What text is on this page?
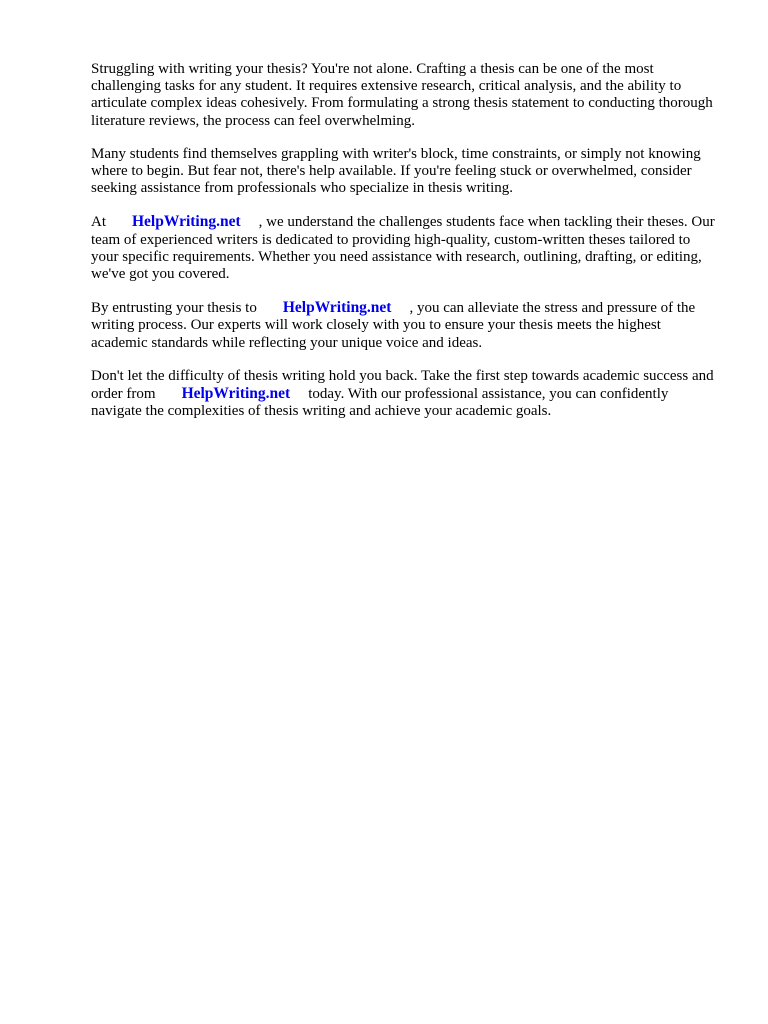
Struggling with writing your thesis? You're not alone. Crafting a thesis can be one of the most challenging tasks for any student. It requires extensive research, critical analysis, and the ability to articulate complex ideas cohesively. From formulating a strong thesis statement to conducting thorough literature reviews, the process can feel overwhelming.

Many students find themselves grappling with writer's block, time constraints, or simply not knowing where to begin. But fear not, there's help available. If you're feeling stuck or overwhelmed, consider seeking assistance from professionals who specialize in thesis writing.

At HelpWriting.net , we understand the challenges students face when tackling their theses. Our team of experienced writers is dedicated to providing high-quality, custom-written theses tailored to your specific requirements. Whether you need assistance with research, outlining, drafting, or editing, we've got you covered.

By entrusting your thesis to HelpWriting.net , you can alleviate the stress and pressure of the writing process. Our experts will work closely with you to ensure your thesis meets the highest academic standards while reflecting your unique voice and ideas.

Don't let the difficulty of thesis writing hold you back. Take the first step towards academic success and order from HelpWriting.net today. With our professional assistance, you can confidently navigate the complexities of thesis writing and achieve your academic goals.
